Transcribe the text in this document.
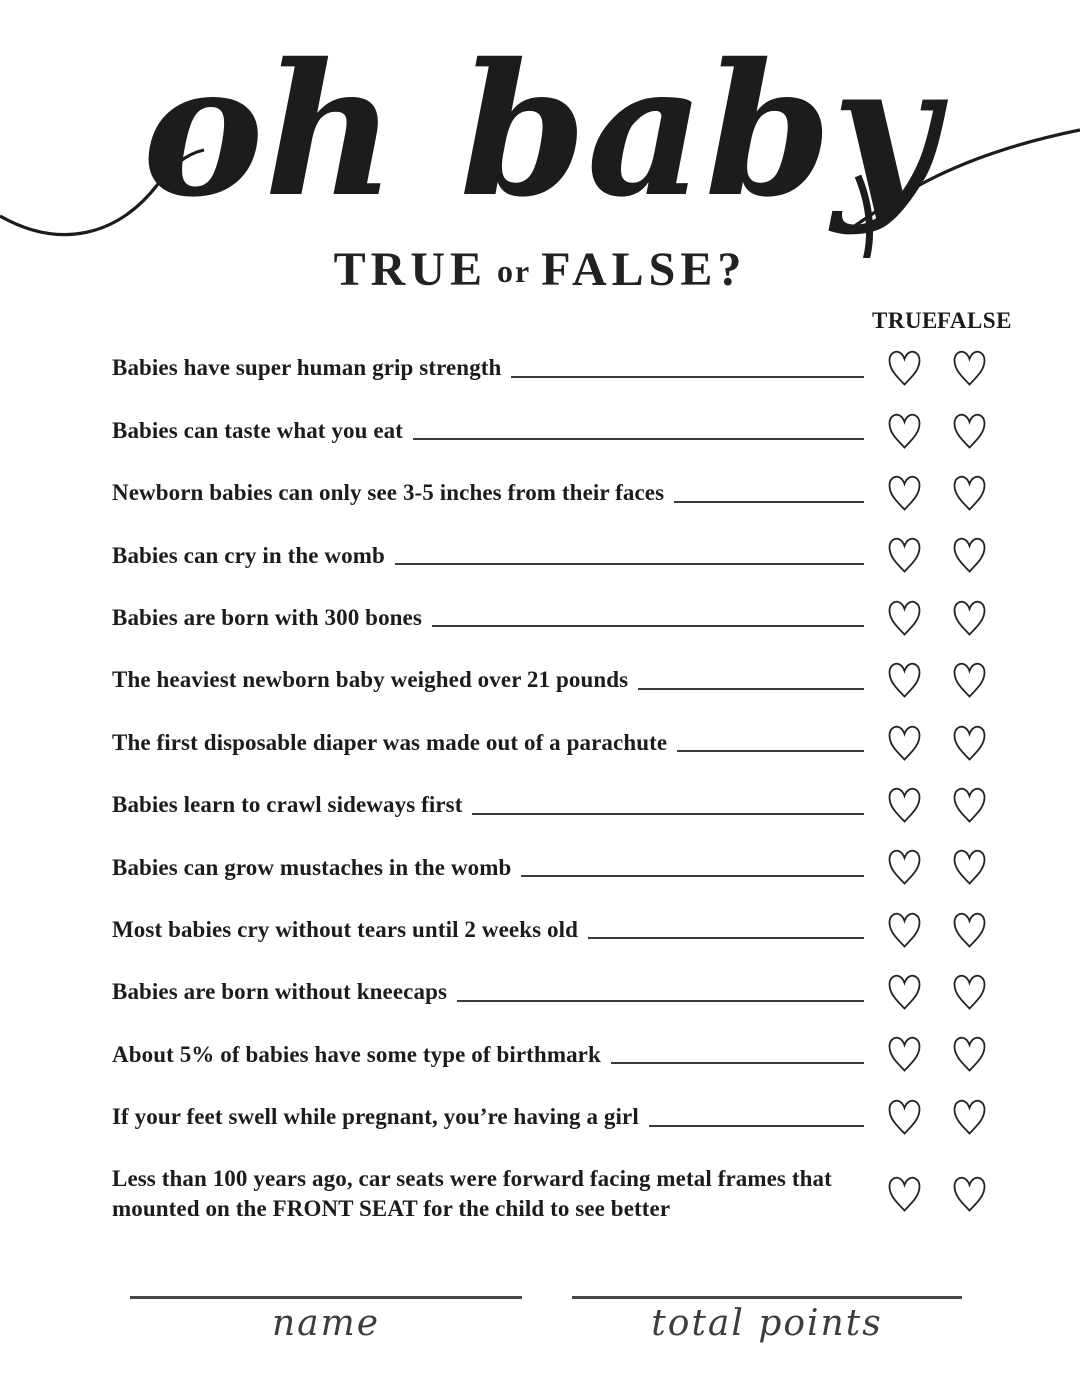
oh baby
TRUE or FALSE?
TRUE FALSE
Babies have super human grip strength
Babies can taste what you eat
Newborn babies can only see 3-5 inches from their faces
Babies can cry in the womb
Babies are born with 300 bones
The heaviest newborn baby weighed over 21 pounds
The first disposable diaper was made out of a parachute
Babies learn to crawl sideways first
Babies can grow mustaches in the womb
Most babies cry without tears until 2 weeks old
Babies are born without kneecaps
About 5% of babies have some type of birthmark
If your feet swell while pregnant, you’re having a girl
Less than 100 years ago, car seats were forward facing metal frames that mounted on the FRONT SEAT for the child to see better
name	total points
